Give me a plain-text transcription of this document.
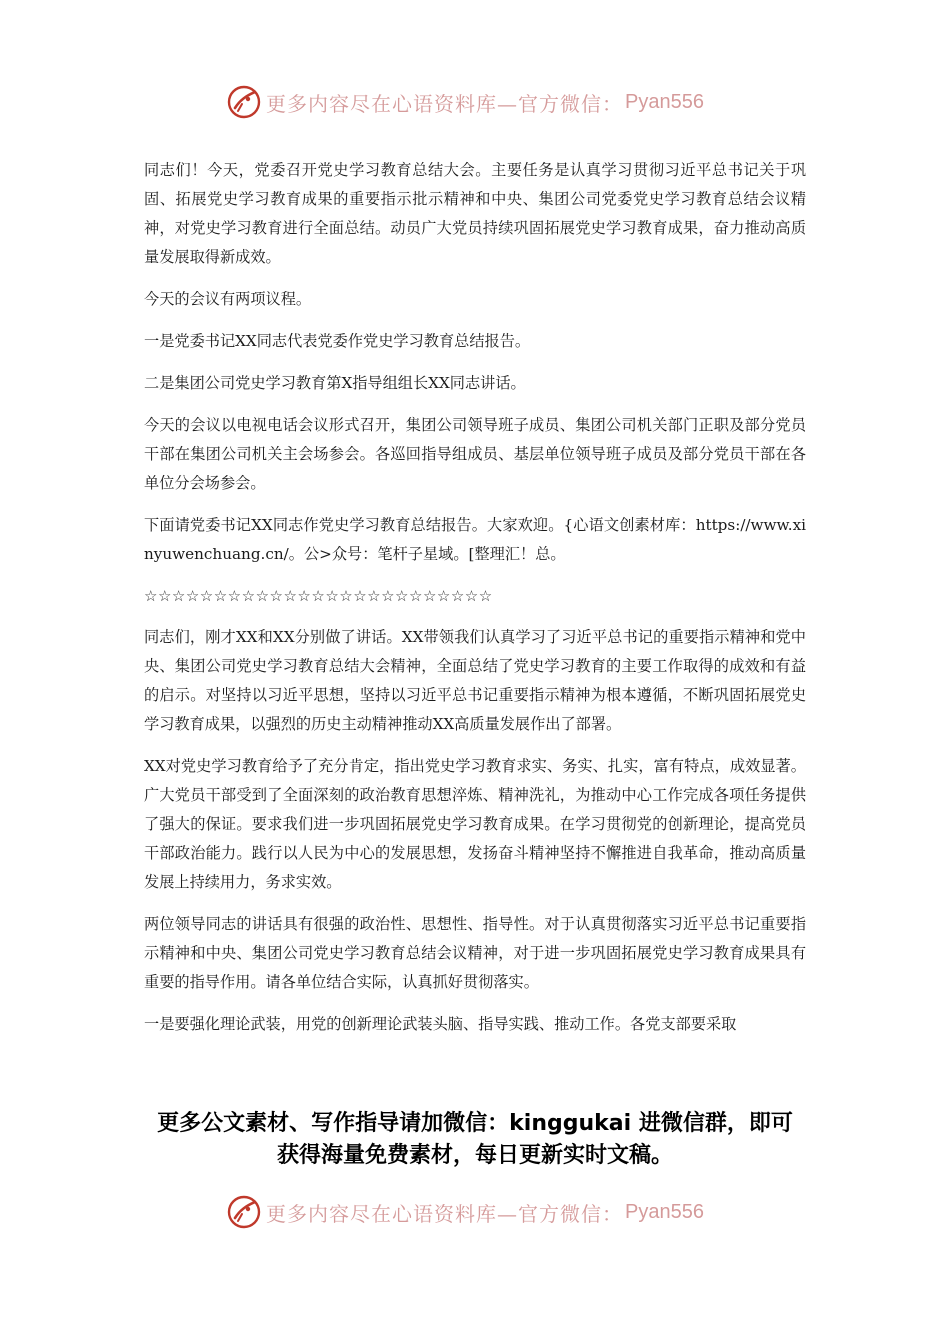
更多内容尽在心语资料库—官方微信： Pyan556

同志们！今天，党委召开党史学习教育总结大会。主要任务是认真学习贯彻习近平总书记关于巩固、拓展党史学习教育成果的重要指示批示精神和中央、集团公司党委党史学习教育总结会议精神，对党史学习教育进行全面总结。动员广大党员持续巩固拓展党史学习教育成果，奋力推动高质量发展取得新成效。

今天的会议有两项议程。

一是党委书记XX同志代表党委作党史学习教育总结报告。

二是集团公司党史学习教育第X指导组组长XX同志讲话。

今天的会议以电视电话会议形式召开，集团公司领导班子成员、集团公司机关部门正职及部分党员干部在集团公司机关主会场参会。各巡回指导组成员、基层单位领导班子成员及部分党员干部在各单位分会场参会。

下面请党委书记XX同志作党史学习教育总结报告。大家欢迎。{心语文创素材库：https://www.xinyuwenchuang.cn/。公>众号：笔杆子星域。[整理汇！总。

☆☆☆☆☆☆☆☆☆☆☆☆☆☆☆☆☆☆☆☆☆☆☆☆☆

同志们，刚才XX和XX分别做了讲话。XX带领我们认真学习了习近平总书记的重要指示精神和党中央、集团公司党史学习教育总结大会精神，全面总结了党史学习教育的主要工作取得的成效和有益的启示。对坚持以习近平思想，坚持以习近平总书记重要指示精神为根本遵循，不断巩固拓展党史学习教育成果，以强烈的历史主动精神推动XX高质量发展作出了部署。

XX对党史学习教育给予了充分肯定，指出党史学习教育求实、务实、扎实，富有特点，成效显著。广大党员干部受到了全面深刻的政治教育思想淬炼、精神洗礼，为推动中心工作完成各项任务提供了强大的保证。要求我们进一步巩固拓展党史学习教育成果。在学习贯彻党的创新理论，提高党员干部政治能力。践行以人民为中心的发展思想，发扬奋斗精神坚持不懈推进自我革命，推动高质量发展上持续用力，务求实效。

两位领导同志的讲话具有很强的政治性、思想性、指导性。对于认真贯彻落实习近平总书记重要指示精神和中央、集团公司党史学习教育总结会议精神，对于进一步巩固拓展党史学习教育成果具有重要的指导作用。请各单位结合实际，认真抓好贯彻落实。

一是要强化理论武装，用党的创新理论武装头脑、指导实践、推动工作。各党支部要采取

更多公文素材、写作指导请加微信：kinggukai 进微信群，即可
获得海量免费素材，每日更新实时文稿。
更多内容尽在心语资料库—官方微信： Pyan556
